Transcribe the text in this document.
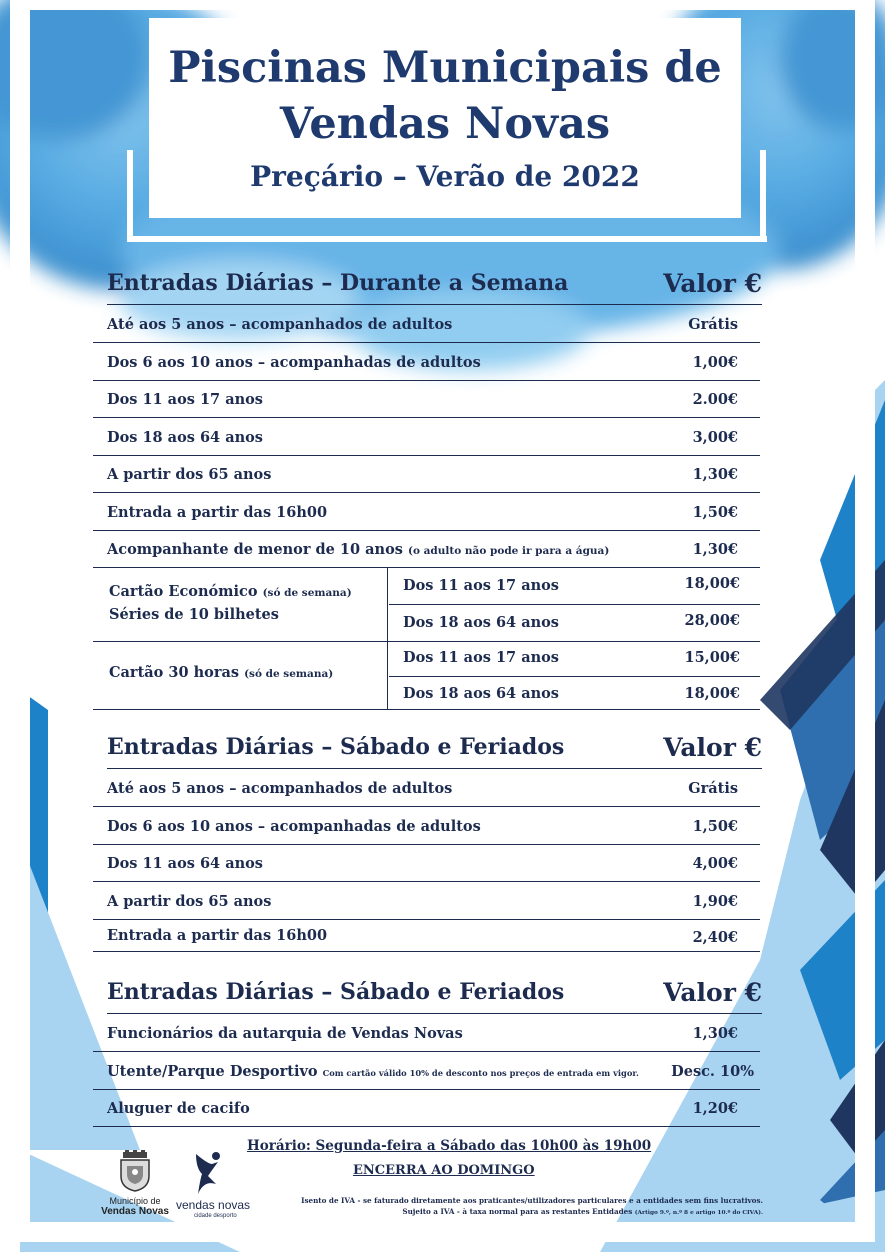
Piscinas Municipais de
Vendas Novas
Preçário – Verão de 2022
Entradas Diárias – Durante a Semana	Valor €
Até aos 5 anos – acompanhados de adultos	Grátis
Dos 6 aos 10 anos – acompanhadas de adultos	1,00€
Dos 11 aos 17 anos	2.00€
Dos 18 aos 64 anos	3,00€
A partir dos 65 anos	1,30€
Entrada a partir das 16h00	1,50€
Acompanhante de menor de 10 anos (o adulto não pode ir para a água)	1,30€
Cartão Económico (só de semana)
Séries de 10 bilhetes
Dos 11 aos 17 anos	18,00€
Dos 18 aos 64 anos	28,00€
Cartão 30 horas (só de semana)
Dos 11 aos 17 anos	15,00€
Dos 18 aos 64 anos	18,00€
Entradas Diárias – Sábado e Feriados	Valor €
Até aos 5 anos – acompanhados de adultos	Grátis
Dos 6 aos 10 anos – acompanhadas de adultos	1,50€
Dos 11 aos 64 anos	4,00€
A partir dos 65 anos	1,90€
Entrada a partir das 16h00	2,40€
Entradas Diárias – Sábado e Feriados	Valor €
Funcionários da autarquia de Vendas Novas	1,30€
Utente/Parque Desportivo Com cartão válido 10% de desconto nos preços de entrada em vigor. Desc. 10%
Aluguer de cacifo	1,20€
Horário: Segunda-feira a Sábado das 10h00 às 19h00
ENCERRA AO DOMINGO
Isento de IVA - se faturado diretamente aos praticantes/utilizadores particulares e a entidades sem fins lucrativos.
Sujeito a IVA - à taxa normal para as restantes Entidades (Artigo 9.º, n.º 8 e artigo 10.º do CIVA).
Município de
Vendas Novas vendas novas
cidade desporto
